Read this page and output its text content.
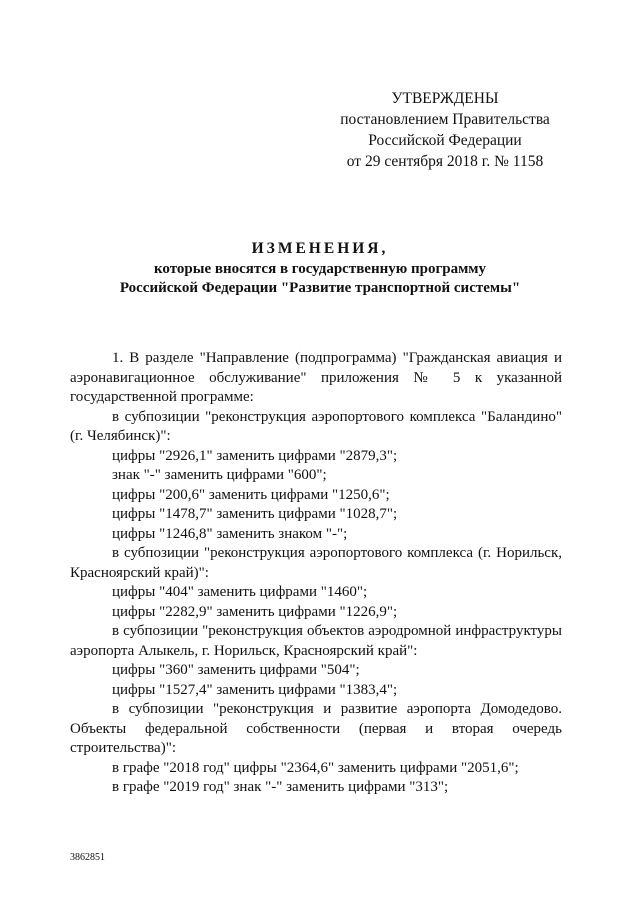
УТВЕРЖДЕНЫ
постановлением Правительства
Российской Федерации
от 29 сентября 2018 г. № 1158
ИЗМЕНЕНИЯ,
которые вносятся в государственную программу
Российской Федерации "Развитие транспортной системы"

1. В разделе "Направление (подпрограмма) "Гражданская авиация и аэронавигационное обслуживание" приложения № 5 к указанной государственной программе:

в субпозиции "реконструкция аэропортового комплекса "Баландино" (г. Челябинск)":

цифры "2926,1" заменить цифрами "2879,3";

знак "-" заменить цифрами "600";

цифры "200,6" заменить цифрами "1250,6";

цифры "1478,7" заменить цифрами "1028,7";

цифры "1246,8" заменить знаком "-";

в субпозиции "реконструкция аэропортового комплекса (г. Норильск, Красноярский край)":

цифры "404" заменить цифрами "1460";

цифры "2282,9" заменить цифрами "1226,9";

в субпозиции "реконструкция объектов аэродромной инфраструктуры аэропорта Алыкель, г. Норильск, Красноярский край":

цифры "360" заменить цифрами "504";

цифры "1527,4" заменить цифрами "1383,4";

в субпозиции "реконструкция и развитие аэропорта Домодедово. Объекты федеральной собственности (первая и вторая очередь строительства)":

в графе "2018 год" цифры "2364,6" заменить цифрами "2051,6";

в графе "2019 год" знак "-" заменить цифрами "313";

3862851
